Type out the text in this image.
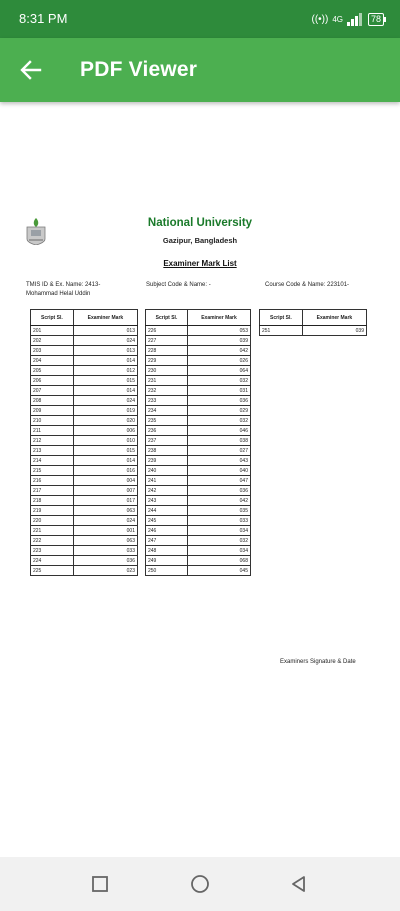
8:31 PM	((•)) 4G	78
PDF Viewer
National University
Gazipur, Bangladesh
Examiner Mark List
TMIS ID & Ex. Name: 2413- Mohammad Helal Uddin
Subject Code & Name: -	Course Code & Name: 223101-
Script Sl.	Examiner Mark
201	013
202	024
203	013
204	014
205	012
206	015
207	014
208	024
209	019
210	020
211	006
212	010
213	015
214	014
215	016
216	004
217	007
218	017
219	063
220	024
221	001
222	063
223	033
224	036
225	023
Script Sl.	Examiner Mark
226	053
227	039
228	042
229	026
230	064
231	032
232	031
233	036
234	029
235	032
236	046
237	038
238	027
239	043
240	040
241	047
242	036
243	042
244	035
245	033
246	034
247	032
248	034
249	068
250	045
Script Sl.	Examiner Mark
251	039
Examiners Signature & Date
